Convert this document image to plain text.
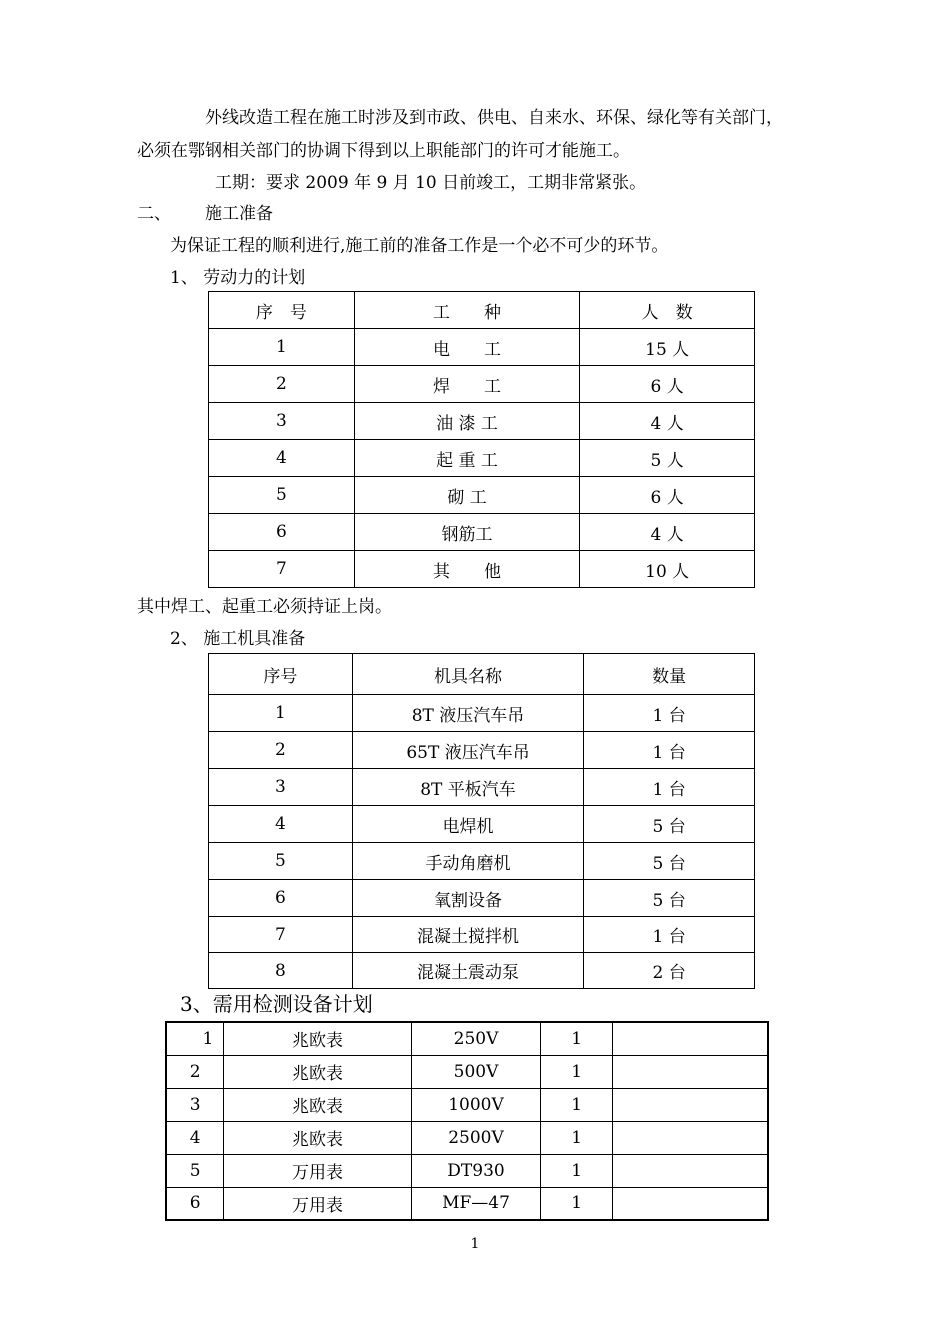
外线改造工程在施工时涉及到市政、供电、自来水、环保、绿化等有关部门，
必须在鄂钢相关部门的协调下得到以上职能部门的许可才能施工。
工期：要求 2009 年 9 月 10 日前竣工，工期非常紧张。
二、 施工准备
为保证工程的顺利进行,施工前的准备工作是一个必不可少的环节。
1、 劳动力的计划
序　号	工　　种	人　数
1	电　　工	15 人
2	焊　　工	6 人
3	油 漆 工	4 人
4	起 重 工	5 人
5	砌 工	6 人
6	钢筋工	4 人
7	其　　他	10 人
其中焊工、起重工必须持证上岗。
2、 施工机具准备
序号	机具名称	数量
1	8T 液压汽车吊	1 台
2	65T 液压汽车吊	1 台
3	8T 平板汽车	1 台
4	电焊机	5 台
5	手动角磨机	5 台
6	氧割设备	5 台
7	混凝土搅拌机	1 台
8	混凝土震动泵	2 台
3、需用检测设备计划
1	兆欧表	250V	1	
2	兆欧表	500V	1	
3	兆欧表	1000V	1	
4	兆欧表	2500V	1	
5	万用表	DT930	1	
6	万用表	MF—47	1	
1
